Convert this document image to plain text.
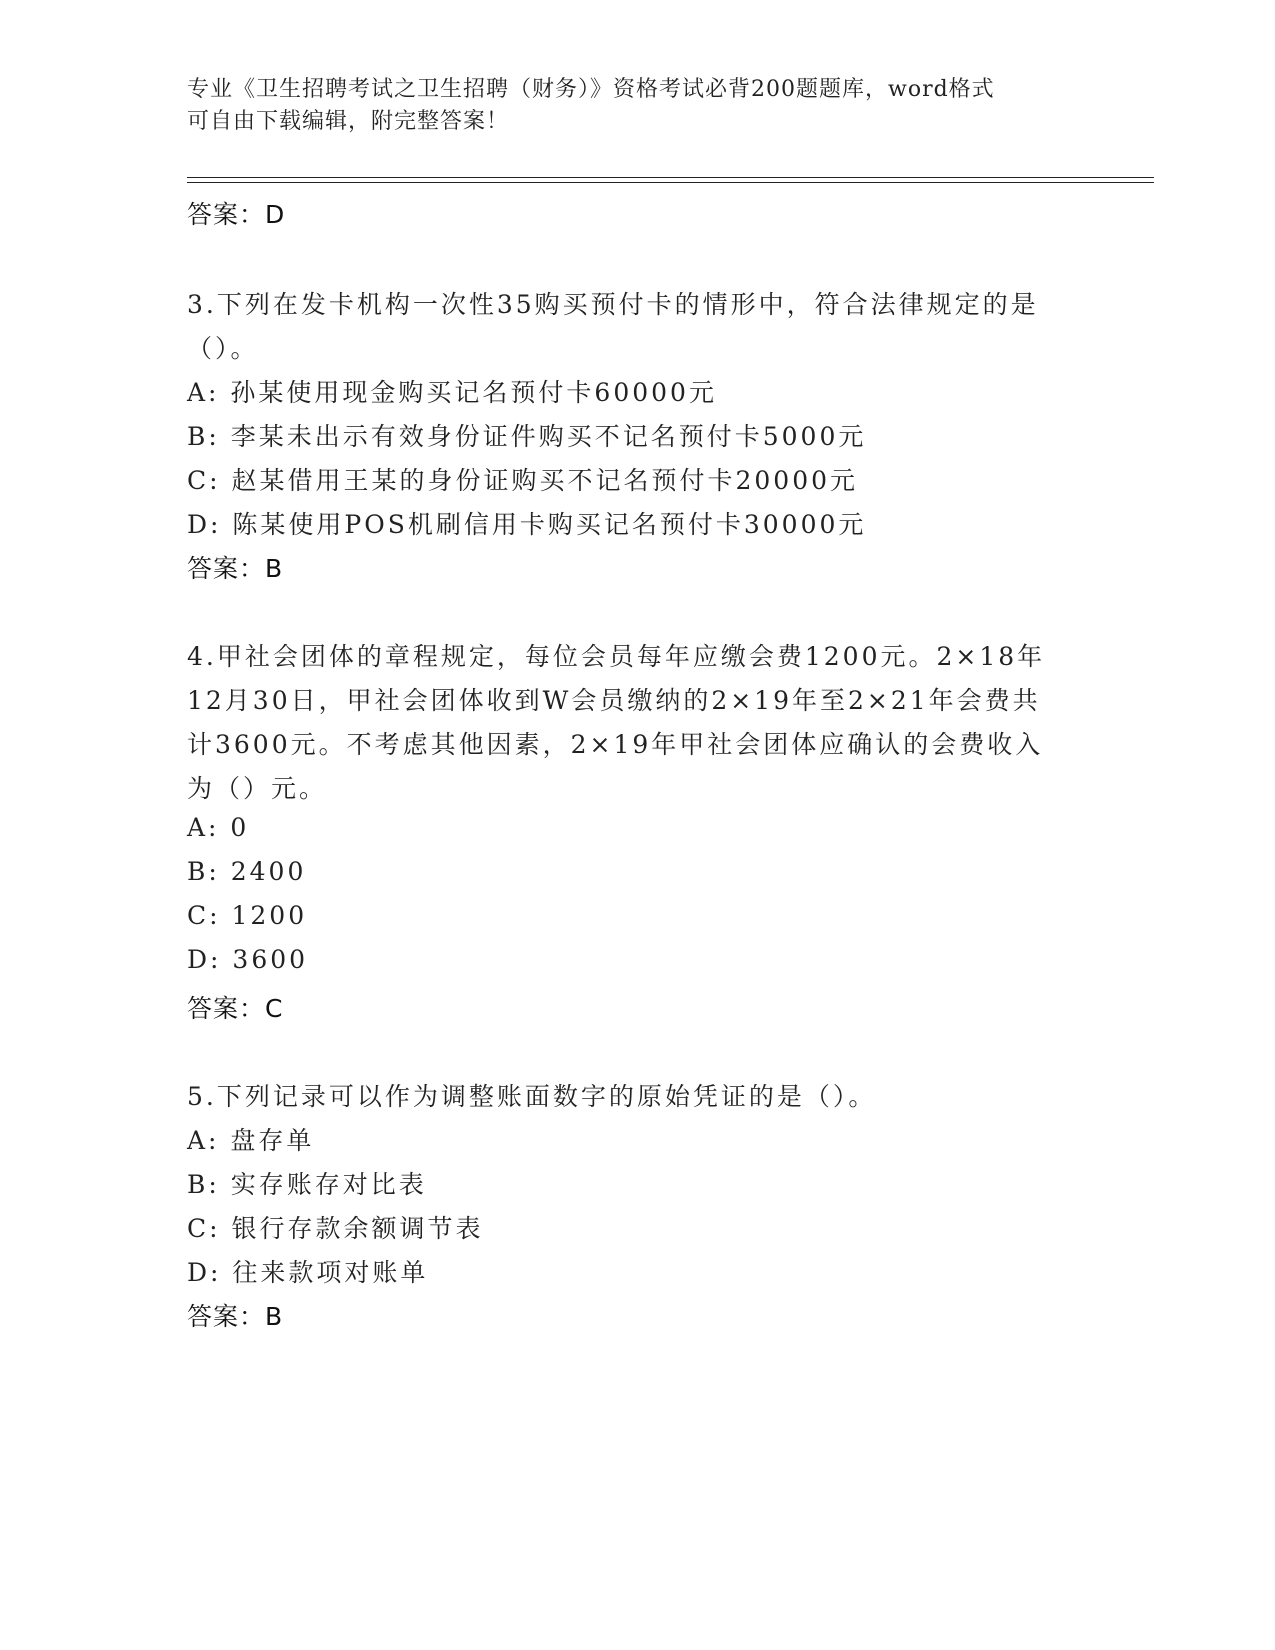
专业《卫生招聘考试之卫生招聘（财务）》资格考试必背200题题库，word格式
可自由下载编辑，附完整答案！
答案：D
3.下列在发卡机构一次性35购买预付卡的情形中，符合法律规定的是
（）。
A: 孙某使用现金购买记名预付卡60000元
B: 李某未出示有效身份证件购买不记名预付卡5000元
C: 赵某借用王某的身份证购买不记名预付卡20000元
D: 陈某使用POS机刷信用卡购买记名预付卡30000元
答案：B
4.甲社会团体的章程规定，每位会员每年应缴会费1200元。2×18年
12月30日，甲社会团体收到W会员缴纳的2×19年至2×21年会费共
计3600元。不考虑其他因素，2×19年甲社会团体应确认的会费收入
为（）元。
A: 0
B: 2400
C: 1200
D: 3600
答案：C
5.下列记录可以作为调整账面数字的原始凭证的是（）。
A: 盘存单
B: 实存账存对比表
C: 银行存款余额调节表
D: 往来款项对账单
答案：B
